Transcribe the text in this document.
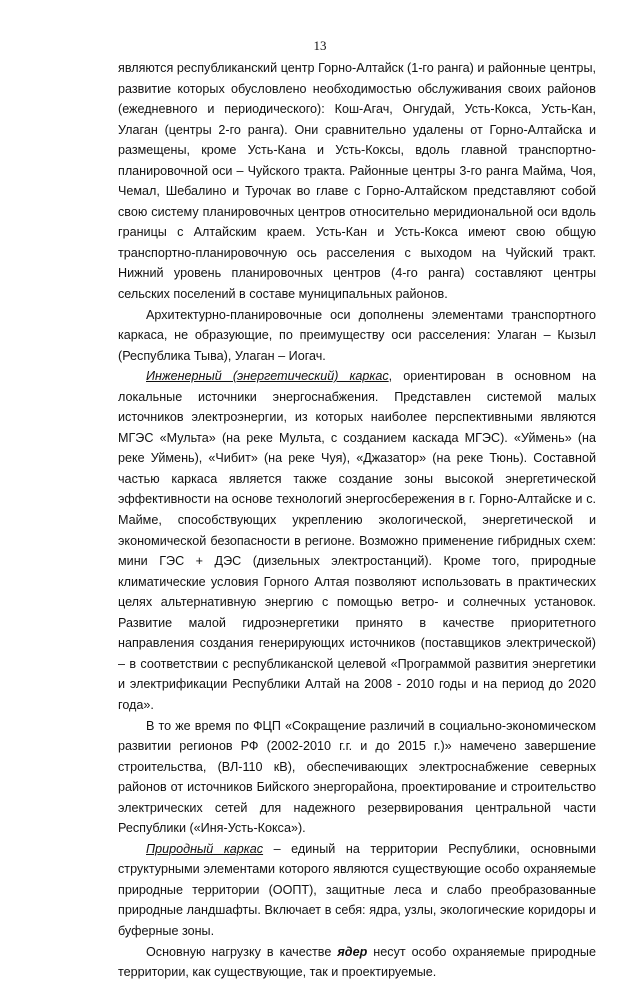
13

являются республиканский центр Горно-Алтайск (1-го ранга) и районные центры, развитие которых обусловлено необходимостью обслуживания своих районов (ежедневного и периодического): Кош-Агач, Онгудай, Усть-Кокса, Усть-Кан, Улаган (центры 2-го ранга). Они сравнительно удалены от Горно-Алтайска и размещены, кроме Усть-Кана и Усть-Коксы, вдоль главной транспортно-планировочной оси – Чуйского тракта. Районные центры 3-го ранга Майма, Чоя, Чемал, Шебалино и Турочак во главе с Горно-Алтайском представляют собой свою систему планировочных центров относительно меридиональной оси вдоль границы с Алтайским краем. Усть-Кан и Усть-Кокса имеют свою общую транспортно-планировочную ось расселения с выходом на Чуйский тракт. Нижний уровень планировочных центров (4-го ранга) составляют центры сельских поселений в составе муниципальных районов.

Архитектурно-планировочные оси дополнены элементами транспортного каркаса, не образующие, по преимуществу оси расселения: Улаган – Кызыл (Республика Тыва), Улаган – Иогач.

Инженерный (энергетический) каркас, ориентирован в основном на локальные источники энергоснабжения. Представлен системой малых источников электроэнергии, из которых наиболее перспективными являются МГЭС «Мульта» (на реке Мульта, с созданием каскада МГЭС). «Уймень» (на реке Уймень), «Чибит» (на реке Чуя), «Джазатор» (на реке Тюнь). Составной частью каркаса является также создание зоны высокой энергетической эффективности на основе технологий энергосбережения в г. Горно-Алтайске и с. Майме, способствующих укреплению экологической, энергетической и экономической безопасности в регионе. Возможно применение гибридных схем: мини ГЭС + ДЭС (дизельных электростанций). Кроме того, природные климатические условия Горного Алтая позволяют использовать в практических целях альтернативную энергию с помощью ветро- и солнечных установок. Развитие малой гидроэнергетики принято в качестве приоритетного направления создания генерирующих источников (поставщиков электрической) – в соответствии с республиканской целевой «Программой развития энергетики и электрификации Республики Алтай на 2008 - 2010 годы и на период до 2020 года».

В то же время по ФЦП «Сокращение различий в социально-экономическом развитии регионов РФ (2002-2010 г.г. и до 2015 г.)» намечено завершение строительства, (ВЛ-110 кВ), обеспечивающих электроснабжение северных районов от источников Бийского энергорайона, проектирование и строительство электрических сетей для надежного резервирования центральной части Республики («Иня-Усть-Кокса»).

Природный каркас – единый на территории Республики, основными структурными элементами которого являются существующие особо охраняемые природные территории (ООПТ), защитные леса и слабо преобразованные природные ландшафты. Включает в себя: ядра, узлы, экологические коридоры и буферные зоны.

Основную нагрузку в качестве ядер несут особо охраняемые природные территории, как существующие, так и проектируемые.
